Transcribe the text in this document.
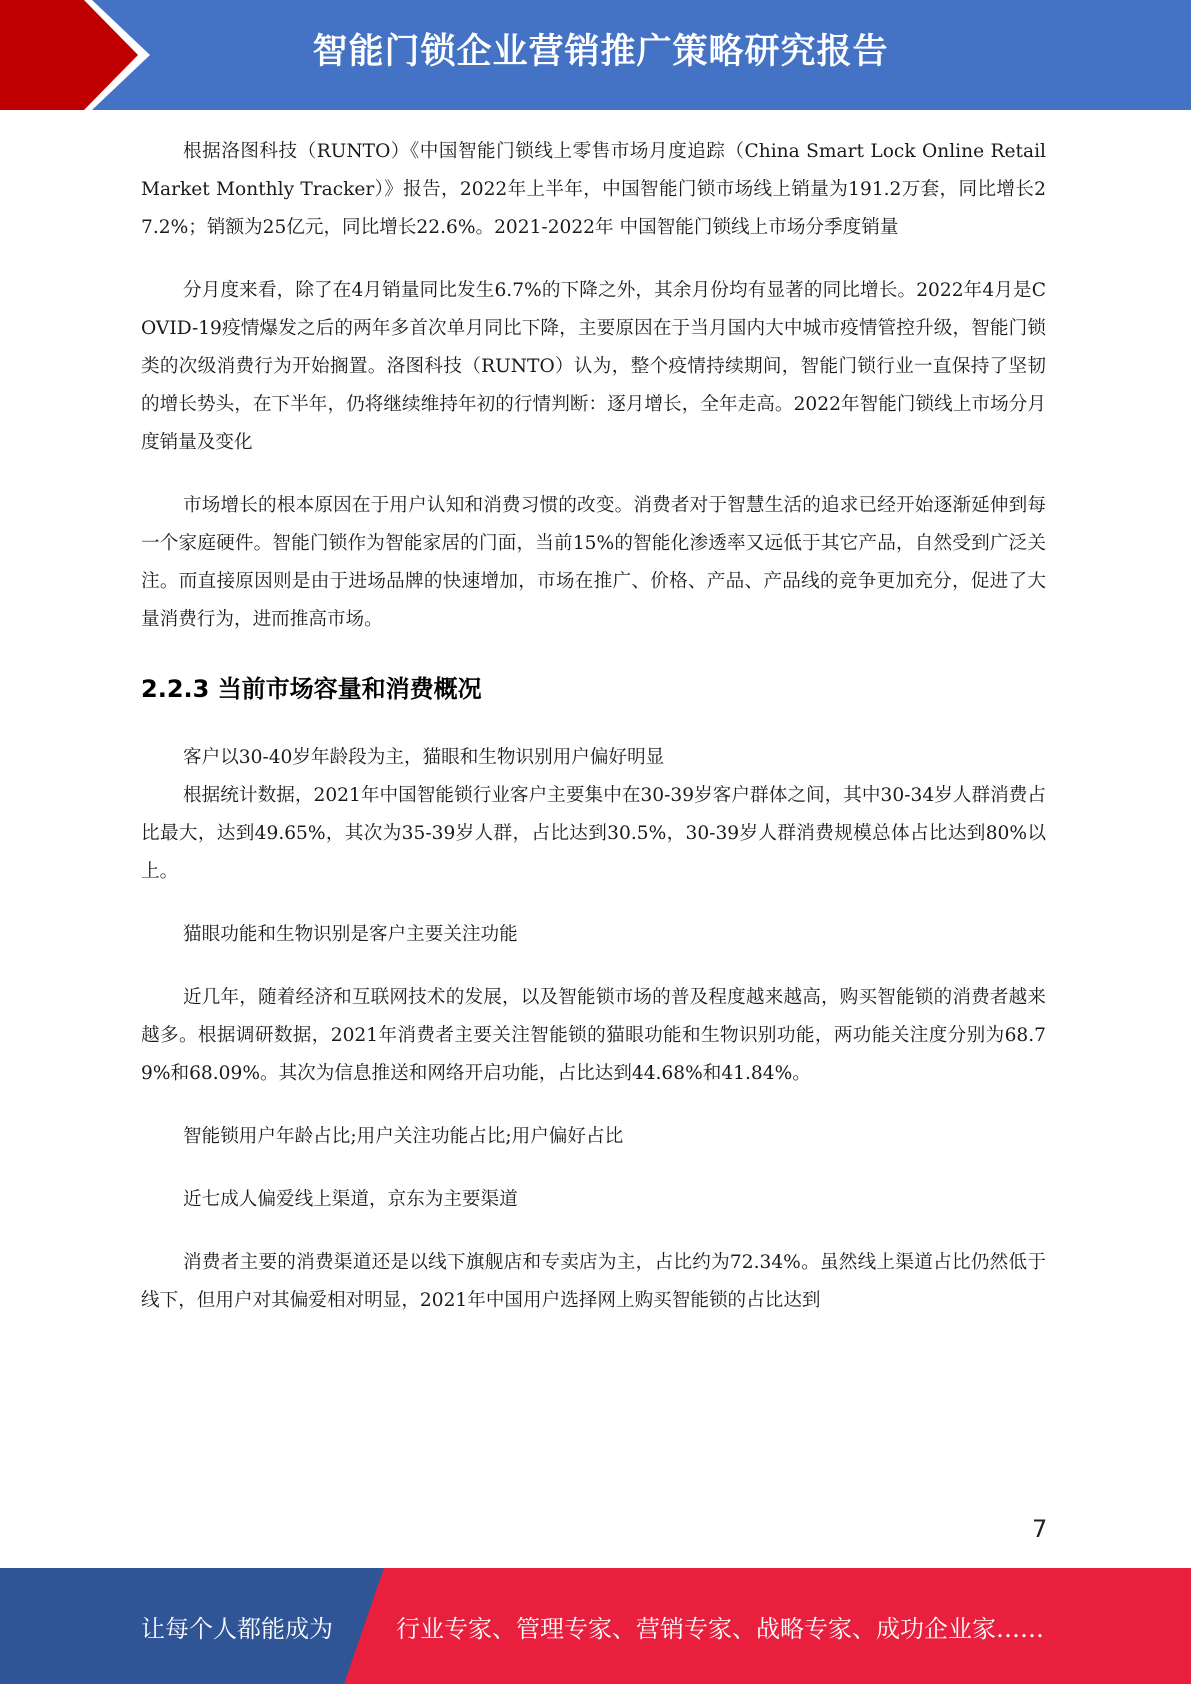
智能门锁企业营销推广策略研究报告

根据洛图科技（RUNTO）《中国智能门锁线上零售市场月度追踪（China Smart Lock Online Retail Market Monthly Tracker）》报告，2022年上半年，中国智能门锁市场线上销量为191.2万套，同比增长27.2%；销额为25亿元，同比增长22.6%。2021-2022年 中国智能门锁线上市场分季度销量

分月度来看，除了在4月销量同比发生6.7%的下降之外，其余月份均有显著的同比增长。2022年4月是COVID-19疫情爆发之后的两年多首次单月同比下降，主要原因在于当月国内大中城市疫情管控升级，智能门锁类的次级消费行为开始搁置。洛图科技（RUNTO）认为，整个疫情持续期间，智能门锁行业一直保持了坚韧的增长势头，在下半年，仍将继续维持年初的行情判断：逐月增长，全年走高。2022年智能门锁线上市场分月度销量及变化

市场增长的根本原因在于用户认知和消费习惯的改变。消费者对于智慧生活的追求已经开始逐渐延伸到每一个家庭硬件。智能门锁作为智能家居的门面，当前15%的智能化渗透率又远低于其它产品，自然受到广泛关注。而直接原因则是由于进场品牌的快速增加，市场在推广、价格、产品、产品线的竞争更加充分，促进了大量消费行为，进而推高市场。

2.2.3 当前市场容量和消费概况

客户以30-40岁年龄段为主，猫眼和生物识别用户偏好明显

根据统计数据，2021年中国智能锁行业客户主要集中在30-39岁客户群体之间，其中30-34岁人群消费占比最大，达到49.65%，其次为35-39岁人群，占比达到30.5%，30-39岁人群消费规模总体占比达到80%以上。

猫眼功能和生物识别是客户主要关注功能

近几年，随着经济和互联网技术的发展，以及智能锁市场的普及程度越来越高，购买智能锁的消费者越来越多。根据调研数据，2021年消费者主要关注智能锁的猫眼功能和生物识别功能，两功能关注度分别为68.79%和68.09%。其次为信息推送和网络开启功能，占比达到44.68%和41.84%。

智能锁用户年龄占比;用户关注功能占比;用户偏好占比

近七成人偏爱线上渠道，京东为主要渠道

消费者主要的消费渠道还是以线下旗舰店和专卖店为主，占比约为72.34%。虽然线上渠道占比仍然低于线下，但用户对其偏爱相对明显，2021年中国用户选择网上购买智能锁的占比达到

7
让每个人都能成为	行业专家、管理专家、营销专家、战略专家、成功企业家……
